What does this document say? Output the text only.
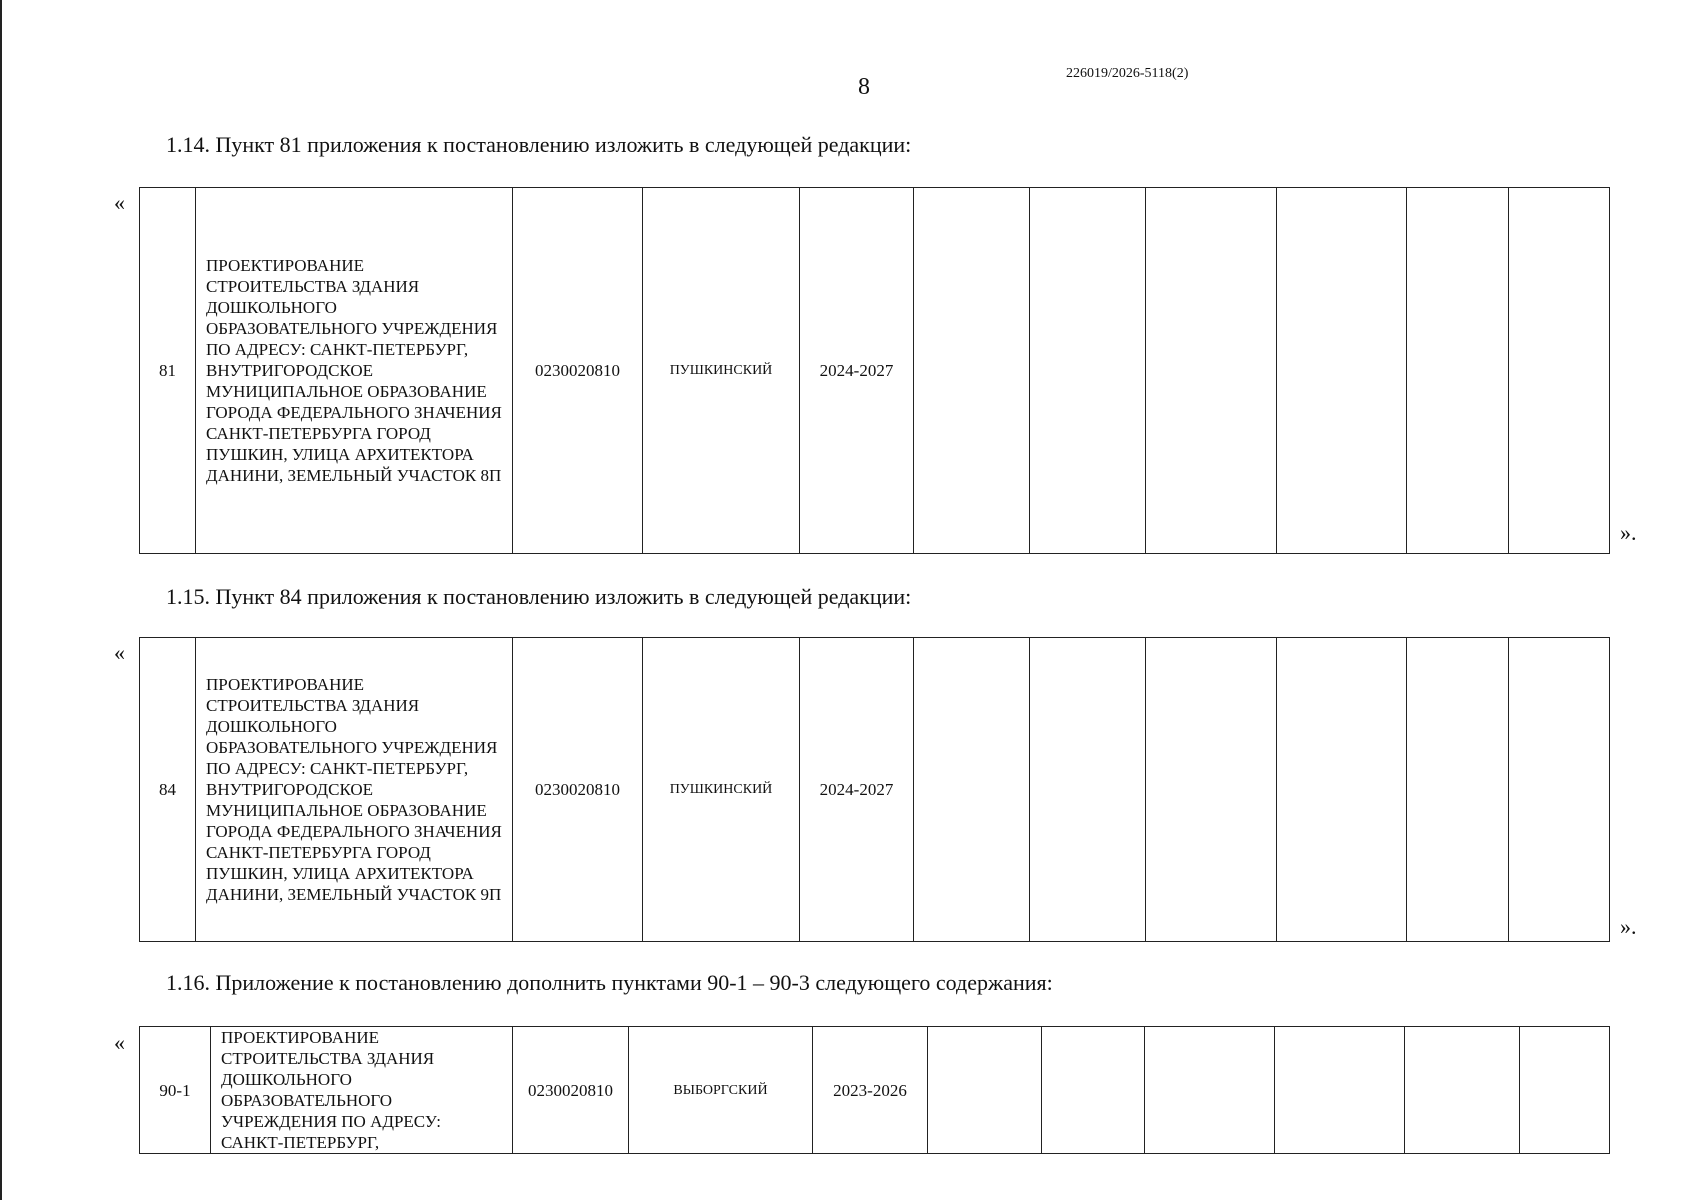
8
226019/2026-5118(2)
1.14. Пункт 81 приложения к постановлению изложить в следующей редакции:
«
81	ПРОЕКТИРОВАНИЕ СТРОИТЕЛЬСТВА ЗДАНИЯ ДОШКОЛЬНОГО ОБРАЗОВАТЕЛЬНОГО УЧРЕЖДЕНИЯ ПО АДРЕСУ: САНКТ-ПЕТЕРБУРГ, ВНУТРИГОРОДСКОЕ МУНИЦИПАЛЬНОЕ ОБРАЗОВАНИЕ ГОРОДА ФЕДЕРАЛЬНОГО ЗНАЧЕНИЯ САНКТ-ПЕТЕРБУРГА ГОРОД ПУШКИН, УЛИЦА АРХИТЕКТОРА ДАНИНИ, ЗЕМЕЛЬНЫЙ УЧАСТОК 8П	0230020810	ПУШКИНСКИЙ	2024-2027						
».
1.15. Пункт 84 приложения к постановлению изложить в следующей редакции:
«
84	ПРОЕКТИРОВАНИЕ СТРОИТЕЛЬСТВА ЗДАНИЯ ДОШКОЛЬНОГО ОБРАЗОВАТЕЛЬНОГО УЧРЕЖДЕНИЯ ПО АДРЕСУ: САНКТ-ПЕТЕРБУРГ, ВНУТРИГОРОДСКОЕ МУНИЦИПАЛЬНОЕ ОБРАЗОВАНИЕ ГОРОДА ФЕДЕРАЛЬНОГО ЗНАЧЕНИЯ САНКТ-ПЕТЕРБУРГА ГОРОД ПУШКИН, УЛИЦА АРХИТЕКТОРА ДАНИНИ, ЗЕМЕЛЬНЫЙ УЧАСТОК 9П	0230020810	ПУШКИНСКИЙ	2024-2027						
».
1.16. Приложение к постановлению дополнить пунктами 90-1 – 90-3 следующего содержания:
«
90-1	ПРОЕКТИРОВАНИЕ СТРОИТЕЛЬСТВА ЗДАНИЯ ДОШКОЛЬНОГО ОБРАЗОВАТЕЛЬНОГО УЧРЕЖДЕНИЯ ПО АДРЕСУ: САНКТ-ПЕТЕРБУРГ,	0230020810	ВЫБОРГСКИЙ	2023-2026						
